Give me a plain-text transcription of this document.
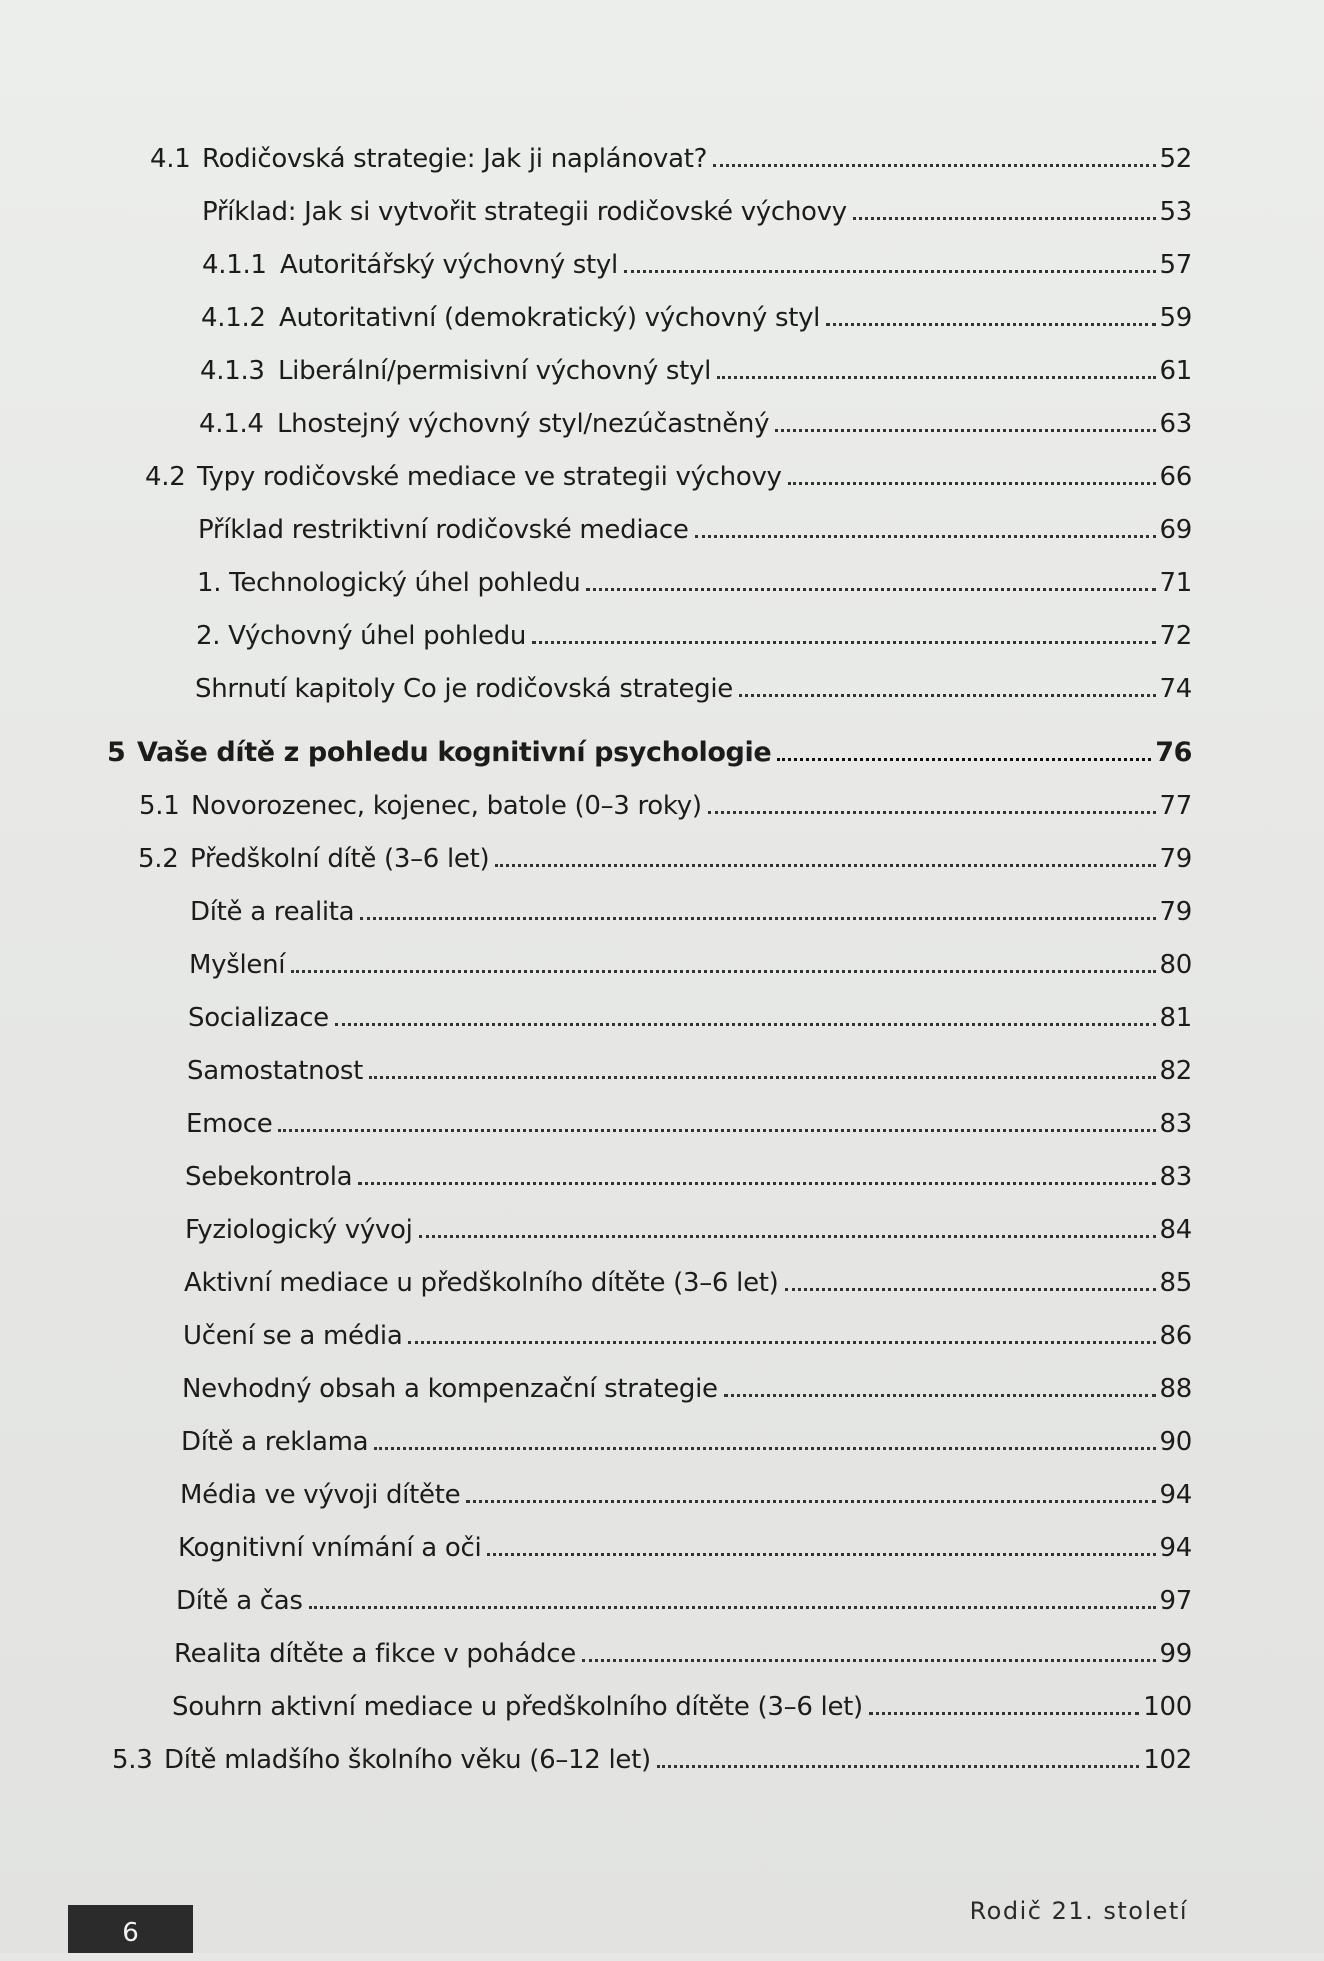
4.1 Rodičovská strategie: Jak ji naplánovat?	52
Příklad: Jak si vytvořit strategii rodičovské výchovy	53
4.1.1 Autoritářský výchovný styl	57
4.1.2 Autoritativní (demokratický) výchovný styl	59
4.1.3 Liberální/permisivní výchovný styl	61
4.1.4 Lhostejný výchovný styl/nezúčastněný	63
4.2 Typy rodičovské mediace ve strategii výchovy	66
Příklad restriktivní rodičovské mediace	69
1. Technologický úhel pohledu	71
2. Výchovný úhel pohledu	72
Shrnutí kapitoly Co je rodičovská strategie	74
5 Vaše dítě z pohledu kognitivní psychologie	76
5.1 Novorozenec, kojenec, batole (0–3 roky)	77
5.2 Předškolní dítě (3–6 let)	79
Dítě a realita	79
Myšlení	80
Socializace	81
Samostatnost	82
Emoce	83
Sebekontrola	83
Fyziologický vývoj	84
Aktivní mediace u předškolního dítěte (3–6 let)	85
Učení se a média	86
Nevhodný obsah a kompenzační strategie	88
Dítě a reklama	90
Média ve vývoji dítěte	94
Kognitivní vnímání a oči	94
Dítě a čas	97
Realita dítěte a fikce v pohádce	99
Souhrn aktivní mediace u předškolního dítěte (3–6 let)	100
5.3 Dítě mladšího školního věku (6–12 let)	102
6
Rodič 21. století
